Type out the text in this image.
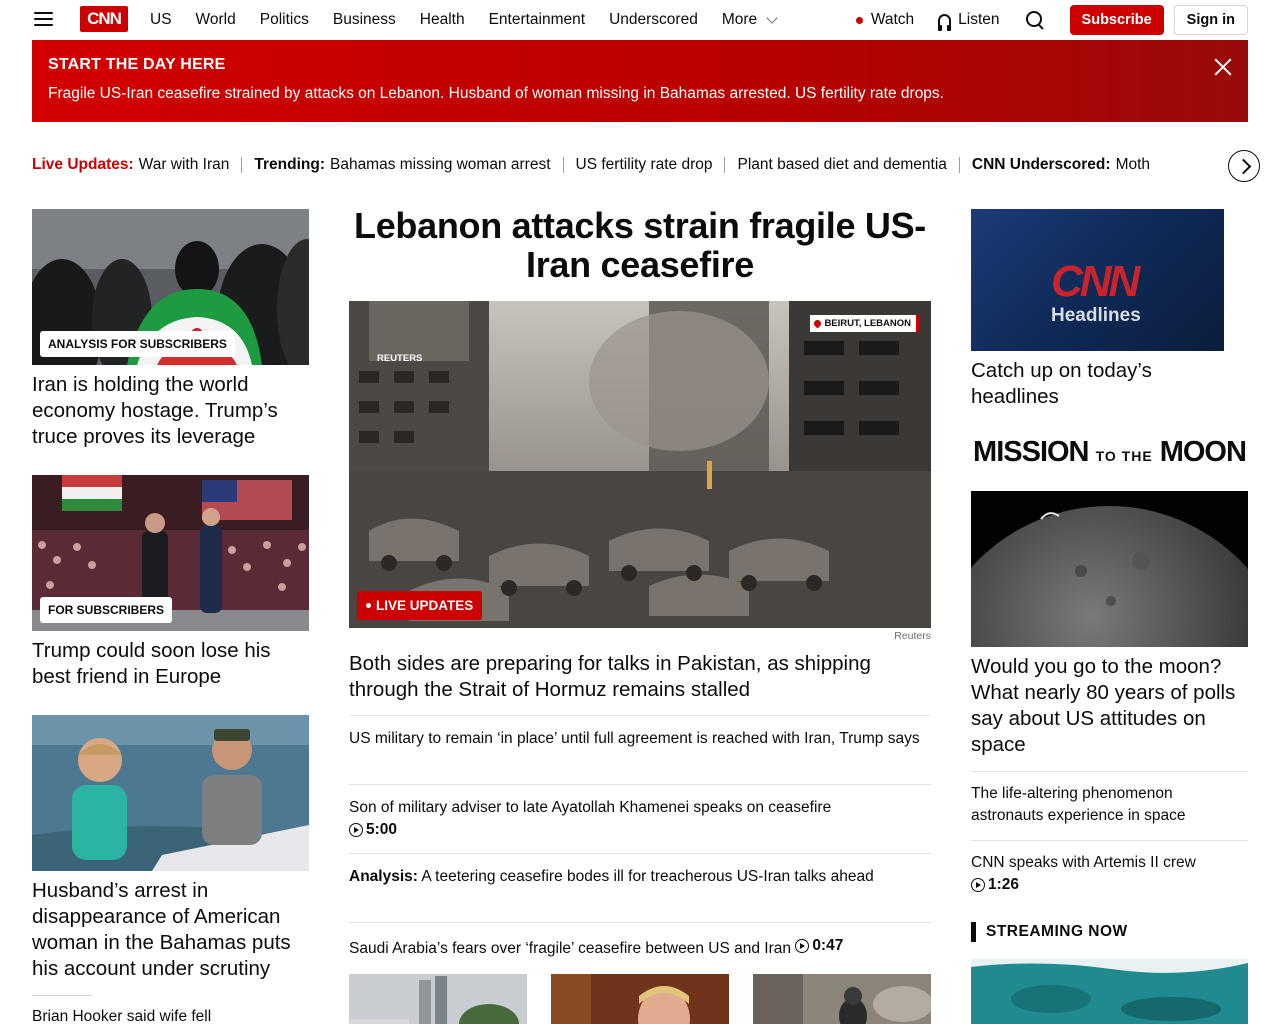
CNN	US World Politics Business Health Entertainment Underscored More	Watch	Listen	Subscribe	Sign in
START THE DAY HERE
Fragile US-Iran ceasefire strained by attacks on Lebanon. Husband of woman missing in Bahamas arrested. US fertility rate drops.
Live Updates: War with Iran Trending: Bahamas missing woman arrest US fertility rate drop Plant based diet and dementia CNN Underscored: Moth
ANALYSIS FOR SUBSCRIBERS
Iran is holding the world economy hostage. Trump’s truce proves its leverage
FOR SUBSCRIBERS
Trump could soon lose his best friend in Europe
Husband’s arrest in disappearance of American woman in the Bahamas puts his account under scrutiny
Brian Hooker said wife fell
Lebanon attacks strain fragile US-Iran ceasefire
REUTERS
BEIRUT, LEBANON
LIVE UPDATES
Reuters
Both sides are preparing for talks in Pakistan, as shipping through the Strait of Hormuz remains stalled
US military to remain ‘in place’ until full agreement is reached with Iran, Trump says
Son of military adviser to late Ayatollah Khamenei speaks on ceasefire

5:00
Analysis: A teetering ceasefire bodes ill for treacherous US-Iran talks ahead
Saudi Arabia’s fears over ‘fragile’ ceasefire between US and Iran 0:47
CNN
Headlines
Catch up on today’s headlines
MISSION TO THE MOON
Would you go to the moon? What nearly 80 years of polls say about US attitudes on space
The life-altering phenomenon astronauts experience in space
CNN speaks with Artemis II crew

1:26
STREAMING NOW
